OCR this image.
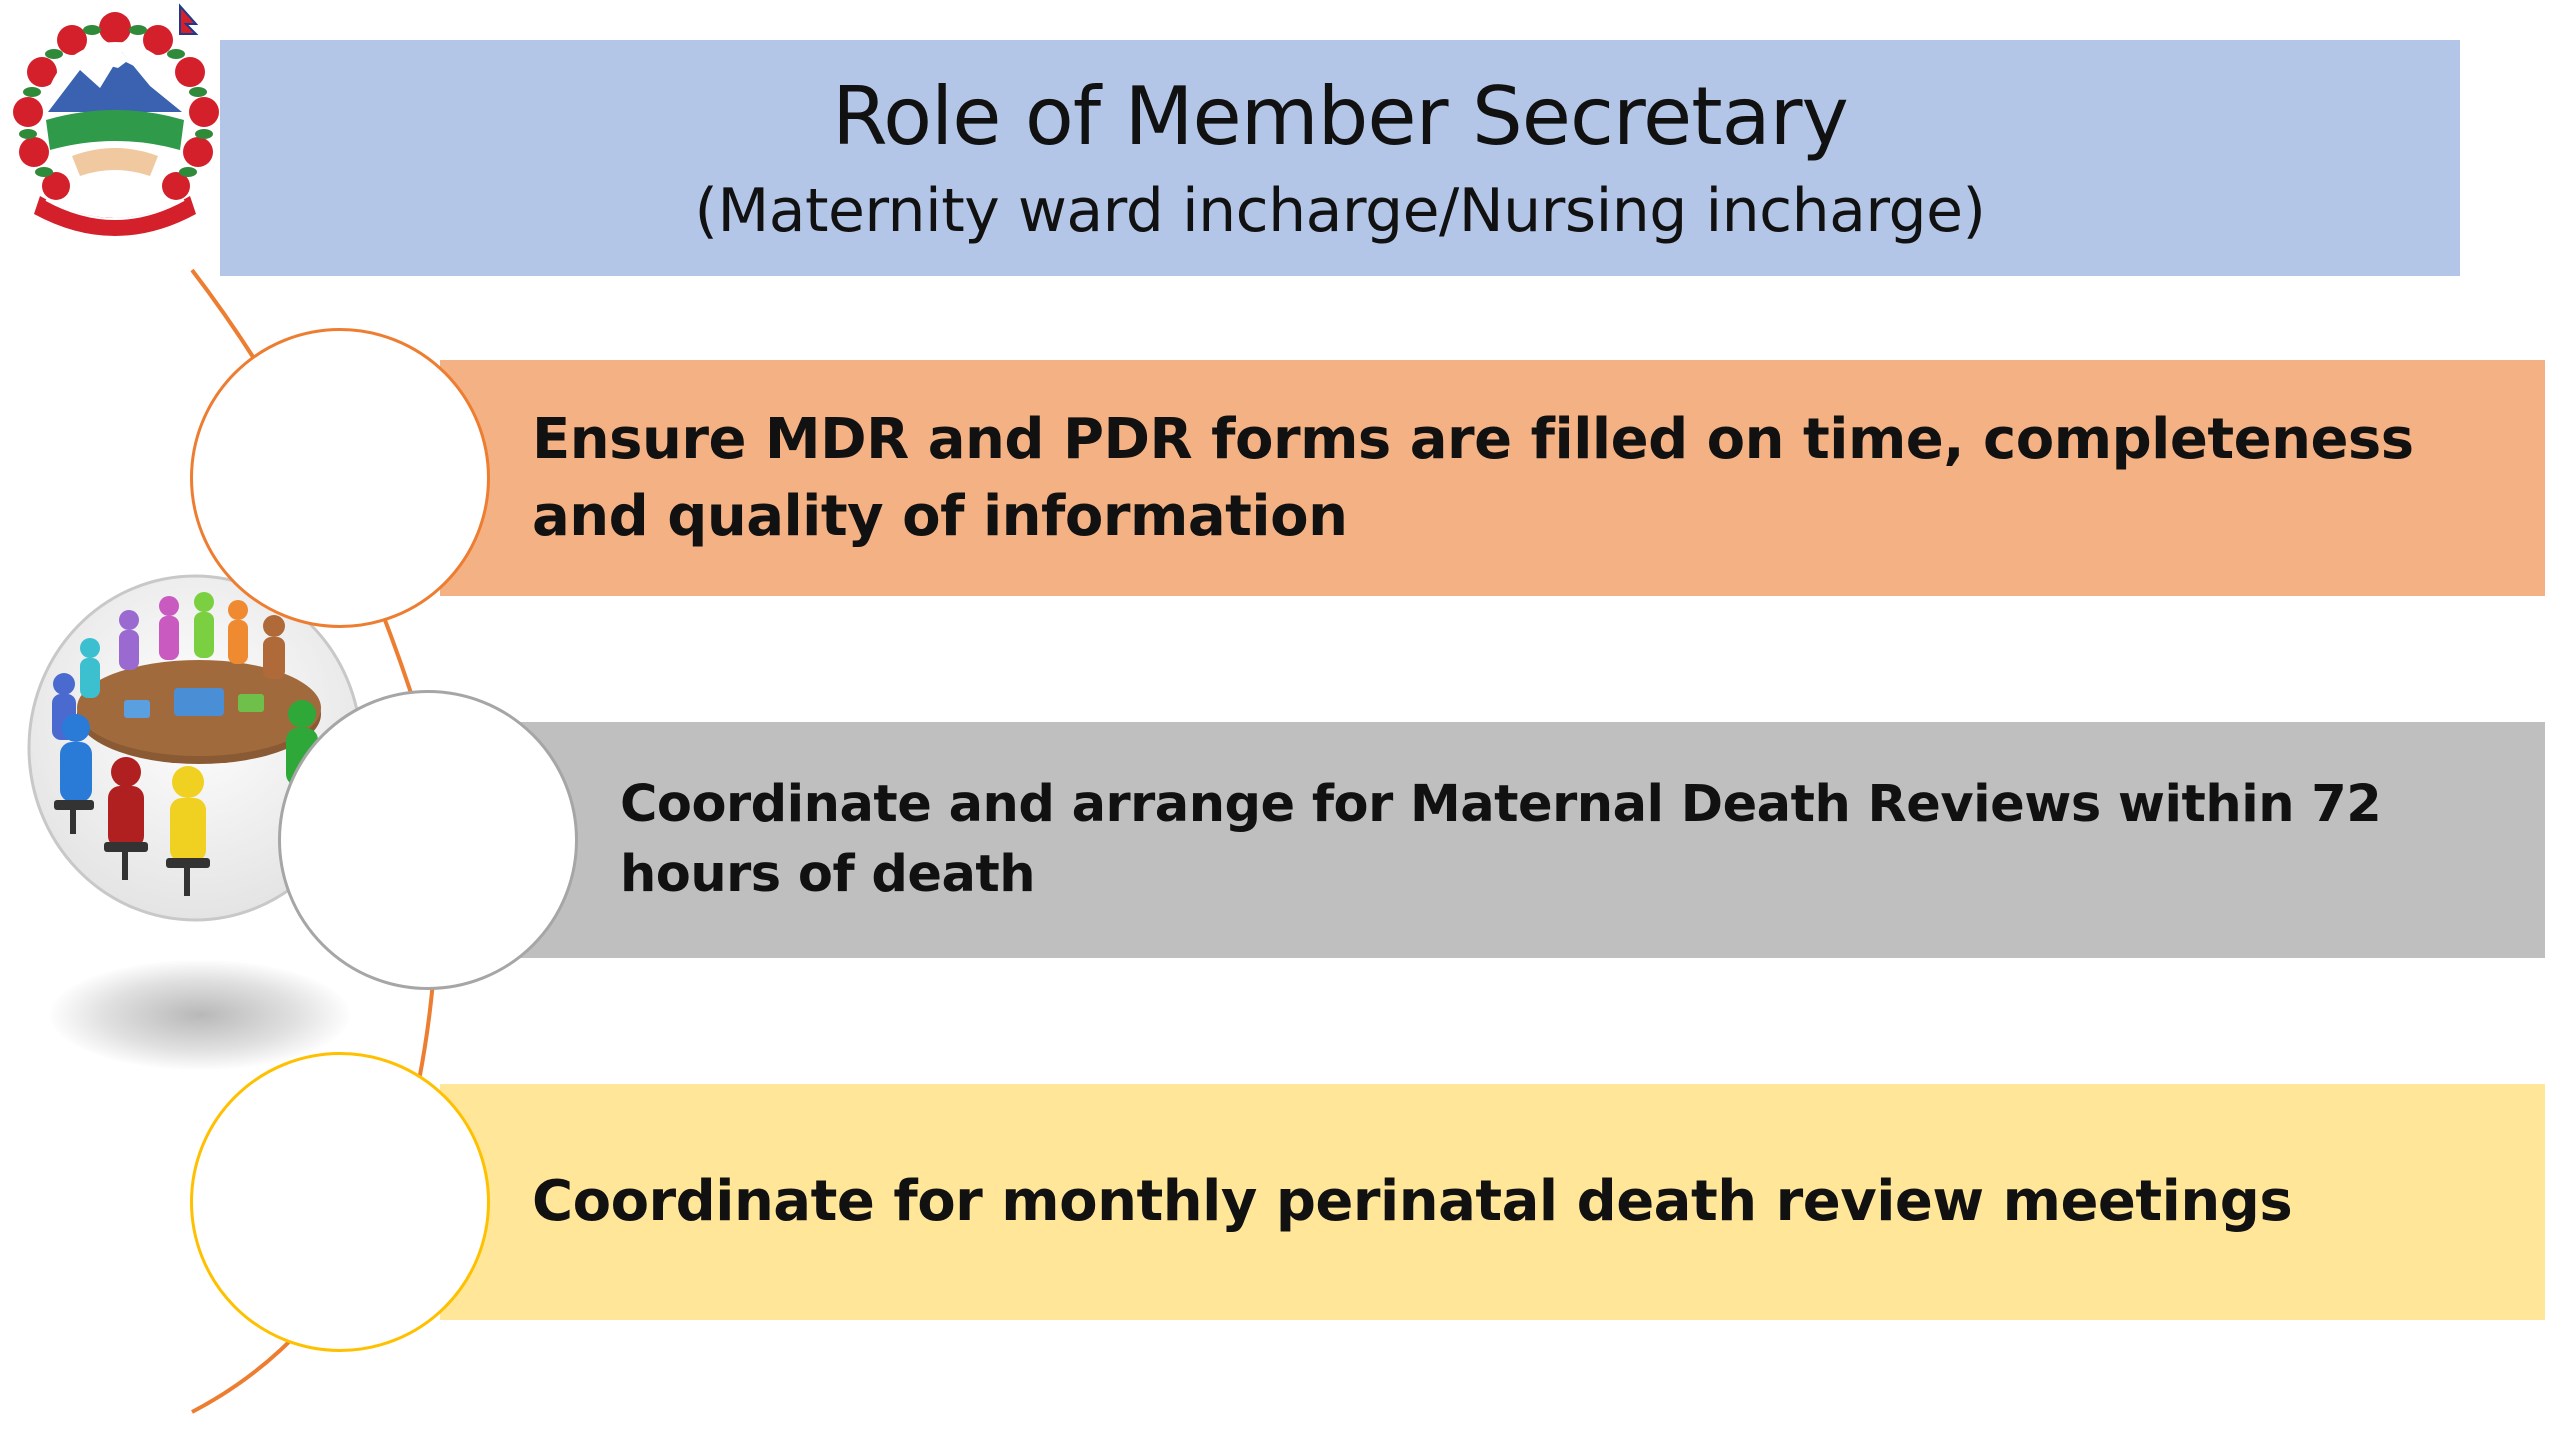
Role of Member Secretary
(Maternity ward incharge/Nursing incharge)
Ensure MDR and PDR forms are filled on time, completeness and quality of information
Coordinate and arrange for Maternal Death Reviews within 72 hours of death
Coordinate for monthly perinatal death review meetings
